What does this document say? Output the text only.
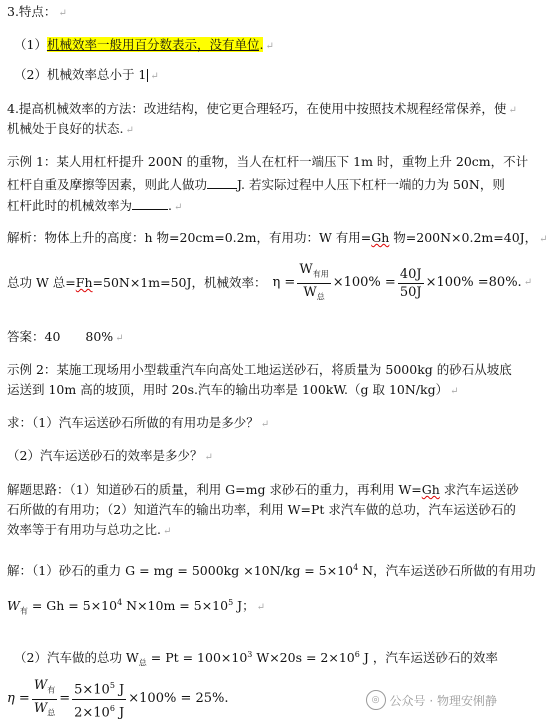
3.特点： ↵
（1）机械效率一般用百分数表示，没有单位. ↵
（2）机械效率总小于 1 ↵
4.提高机械效率的方法：改进结构，使它更合理轻巧，在使用中按照技术规程经常保养，使 ↵
机械处于良好的状态. ↵
示例 1：某人用杠杆提升 200N 的重物，当人在杠杆一端压下 1m 时，重物上升 20cm，不计
杠杆自重及摩擦等因素，则此人做功 J. 若实际过程中人压下杠杆一端的力为 50N，则
杠杆此时的机械效率为	. ↵
解析：物体上升的高度：h 物=20cm=0.2m，有用功：W 有用=Gh 物=200N×0.2m=40J， ↵
总功 W 总= Fh =50N×1m=50J，机械效率： $\eta = \frac{W_{有用}}{W_总} \times 100\% = \frac{40J}{50J} \times 100\% =80\%$. ↵
答案：40　　80% ↵
示例 2：某施工现场用小型载重汽车向高处工地运送砂石，将质量为 5000kg 的砂石从坡底
运送到 10m 高的坡顶，用时 20s.汽车的输出功率是 100kW.（g 取 10N/kg） ↵
求：（1）汽车运送砂石所做的有用功是多少？ ↵
（2）汽车运送砂石的效率是多少？ ↵
解题思路：（1）知道砂石的质量，利用 G=mg 求砂石的重力，再利用 W=Gh 求汽车运送砂
石所做的有用功；（2）知道汽车的输出功率，利用 W=Pt 求汽车做的总功，汽车运送砂石的
效率等于有用功与总功之比. ↵
解：（1）砂石的重力 G = mg = $5000kg \times 10N/kg = 5\times 10^4$ N，汽车运送砂石所做的有用功
$W_有 = Gh = 5\times 10^4$ $N\times 10m = 5\times 10^5$ J； ↵
（2）汽车做的总功 $W_总 = Pt = 100\times 10^3$ $W\times 20s = 2\times 10^6$ J ，汽车运送砂石的效率
$\eta = \frac{W_有}{W_总} = \frac{5\times 10^5 J}{2\times 10^6 J} \times 100\% = 25\%$.	◎ 公众号 · 物理安俐静
